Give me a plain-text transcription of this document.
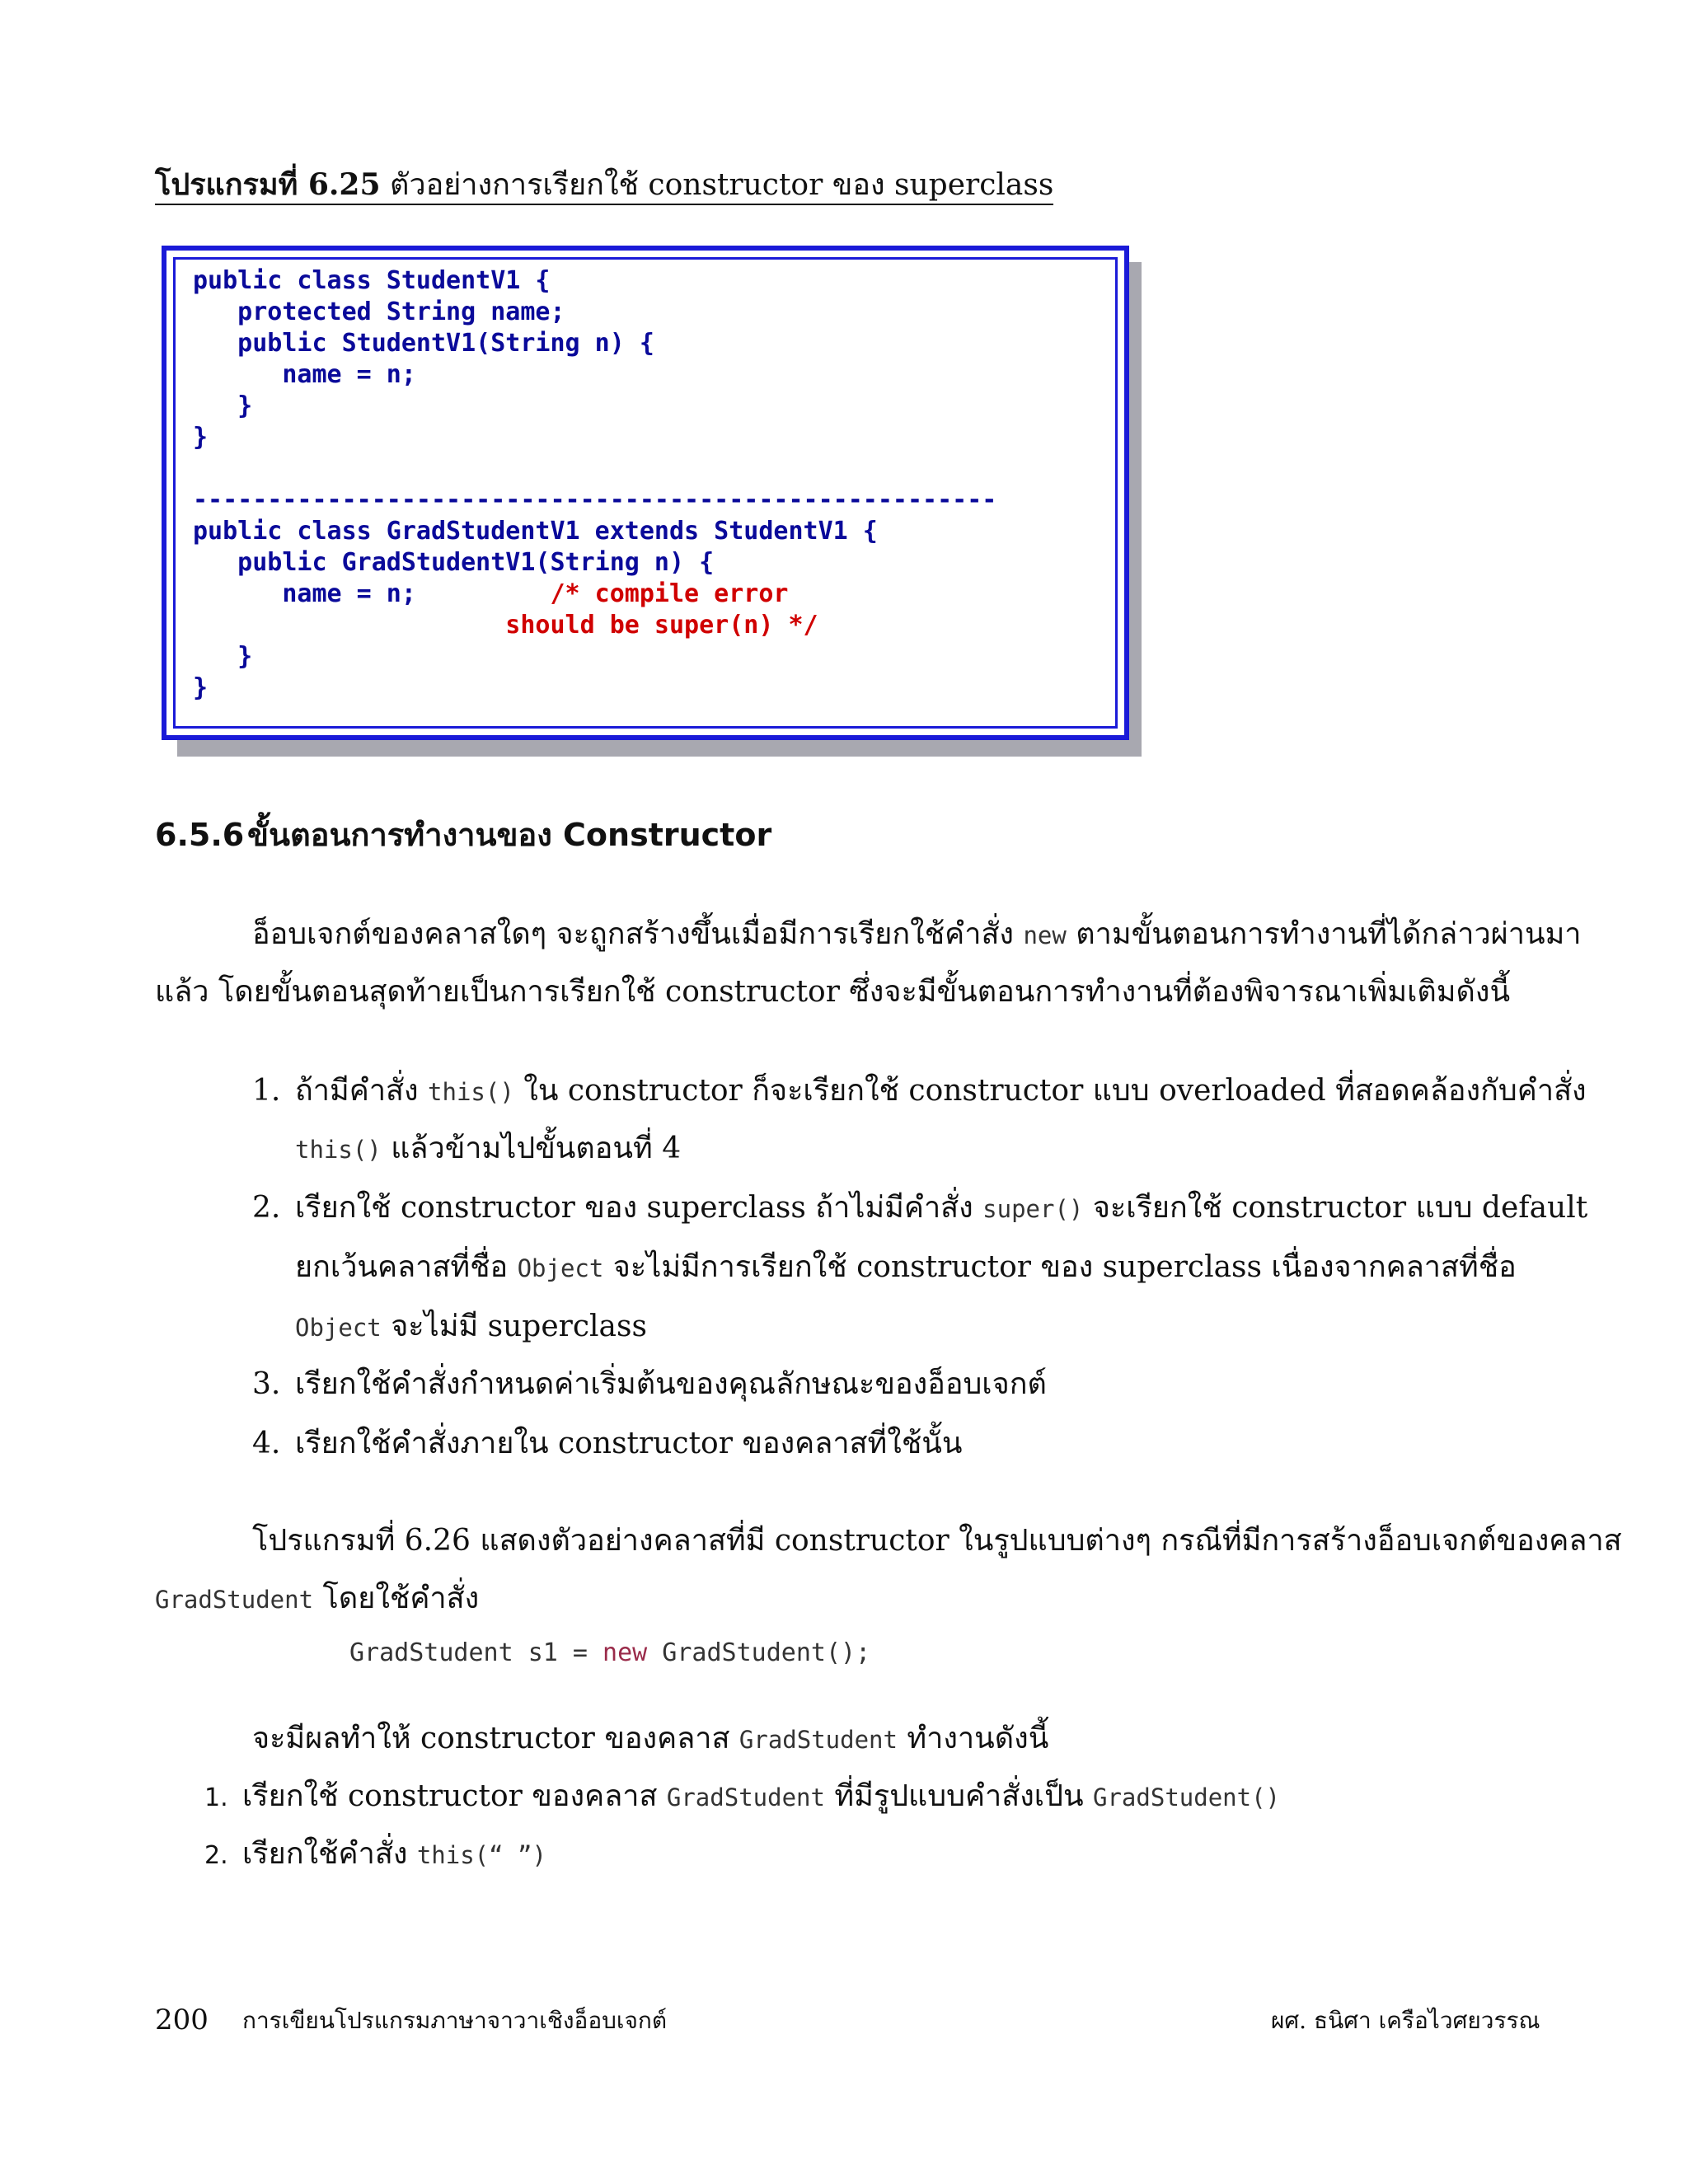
โปรแกรมที่ 6.25 ตัวอย่างการเรียกใช้ constructor ของ superclass
public class StudentV1 {
protected String name;
public StudentV1(String n) {
name = n;
}
}

------------------------------------------------------
public class GradStudentV1 extends StudentV1 {
public GradStudentV1(String n) {
name = n;         /* compile error
should be super(n) */
}
}
6.5.6ขั้นตอนการทำงานของ Constructor
อ็อบเจกต์ของคลาสใดๆ จะถูกสร้างขึ้นเมื่อมีการเรียกใช้คำสั่ง new ตามขั้นตอนการทำงานที่ได้กล่าวผ่านมา
แล้ว โดยขั้นตอนสุดท้ายเป็นการเรียกใช้ constructor ซึ่งจะมีขั้นตอนการทำงานที่ต้องพิจารณาเพิ่มเติมดังนี้
1. ถ้ามีคำสั่ง this() ใน constructor ก็จะเรียกใช้ constructor แบบ overloaded ที่สอดคล้องกับคำสั่ง
this() แล้วข้ามไปขั้นตอนที่ 4
2. เรียกใช้ constructor ของ superclass ถ้าไม่มีคำสั่ง super() จะเรียกใช้ constructor แบบ default
ยกเว้นคลาสที่ชื่อ Object จะไม่มีการเรียกใช้ constructor ของ superclass เนื่องจากคลาสที่ชื่อ
Object จะไม่มี superclass
3. เรียกใช้คำสั่งกำหนดค่าเริ่มต้นของคุณลักษณะของอ็อบเจกต์
4. เรียกใช้คำสั่งภายใน constructor ของคลาสที่ใช้นั้น
โปรแกรมที่ 6.26 แสดงตัวอย่างคลาสที่มี constructor ในรูปแบบต่างๆ กรณีที่มีการสร้างอ็อบเจกต์ของคลาส
GradStudent โดยใช้คำสั่ง
GradStudent s1 = new GradStudent();
จะมีผลทำให้ constructor ของคลาส GradStudent ทำงานดังนี้
1. เรียกใช้ constructor ของคลาส GradStudent ที่มีรูปแบบคำสั่งเป็น GradStudent()
2. เรียกใช้คำสั่ง this(“ ”)
200 การเขียนโปรแกรมภาษาจาวาเชิงอ็อบเจกต์	ผศ. ธนิศา เครือไวศยวรรณ
